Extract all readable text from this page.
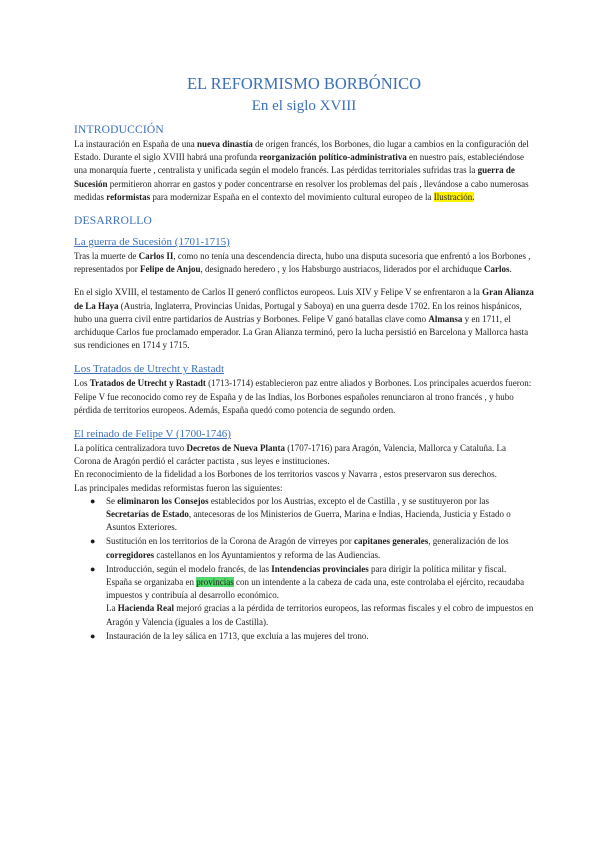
EL REFORMISMO BORBÓNICO
En el siglo XVIII
INTRODUCCIÓN

La instauración en España de una nueva dinastía de origen francés, los Borbones, dio lugar a cambios en la configuración del Estado. Durante el siglo XVIII habrá una profunda reorganización político-administrativa en nuestro país, estableciéndose una monarquía fuerte , centralista y unificada según el modelo francés. Las pérdidas territoriales sufridas tras la guerra de Sucesión permitieron ahorrar en gastos y poder concentrarse en resolver los problemas del país , llevándose a cabo numerosas medidas reformistas para modernizar España en el contexto del movimiento cultural europeo de la Ilustración.

DESARROLLO
La guerra de Sucesión (1701-1715)

Tras la muerte de Carlos II, como no tenía una descendencia directa, hubo una disputa sucesoria que enfrentó a los Borbones , representados por Felipe de Anjou, designado heredero , y los Habsburgo austriacos, liderados por el archiduque Carlos.

En el siglo XVIII, el testamento de Carlos II generó conflictos europeos. Luis XIV y Felipe V se enfrentaron a la Gran Alianza de La Haya (Austria, Inglaterra, Provincias Unidas, Portugal y Saboya) en una guerra desde 1702. En los reinos hispánicos, hubo una guerra civil entre partidarios de Austrias y Borbones. Felipe V ganó batallas clave como Almansa y en 1711, el archiduque Carlos fue proclamado emperador. La Gran Alianza terminó, pero la lucha persistió en Barcelona y Mallorca hasta sus rendiciones en 1714 y 1715.

Los Tratados de Utrecht y Rastadt

Los Tratados de Utrecht y Rastadt (1713-1714) establecieron paz entre aliados y Borbones. Los principales acuerdos fueron: Felipe V fue reconocido como rey de España y de las Indias, los Borbones españoles renunciaron al trono francés , y hubo pérdida de territorios europeos. Además, España quedó como potencia de segundo orden.

El reinado de Felipe V (1700-1746)

La política centralizadora tuvo Decretos de Nueva Planta (1707-1716) para Aragón, Valencia, Mallorca y Cataluña. La Corona de Aragón perdió el carácter pactista , sus leyes e instituciones.

En reconocimiento de la fidelidad a los Borbones de los territorios vascos y Navarra , estos preservaron sus derechos.

Las principales medidas reformistas fueron las siguientes:

● Se eliminaron los Consejos establecidos por los Austrias, excepto el de Castilla , y se sustituyeron por las Secretarías de Estado, antecesoras de los Ministerios de Guerra, Marina e Indias, Hacienda, Justicia y Estado o Asuntos Exteriores.
● Sustitución en los territorios de la Corona de Aragón de virreyes por capitanes generales, generalización de los corregidores castellanos en los Ayuntamientos y reforma de las Audiencias.
● Introducción, según el modelo francés, de las Intendencias provinciales para dirigir la política militar y fiscal.

España se organizaba en provincias con un intendente a la cabeza de cada una, este controlaba el ejército, recaudaba impuestos y contribuía al desarrollo económico.

La Hacienda Real mejoró gracias a la pérdida de territorios europeos, las reformas fiscales y el cobro de impuestos en Aragón y Valencia (iguales a los de Castilla).

● Instauración de la ley sálica en 1713, que excluía a las mujeres del trono.
